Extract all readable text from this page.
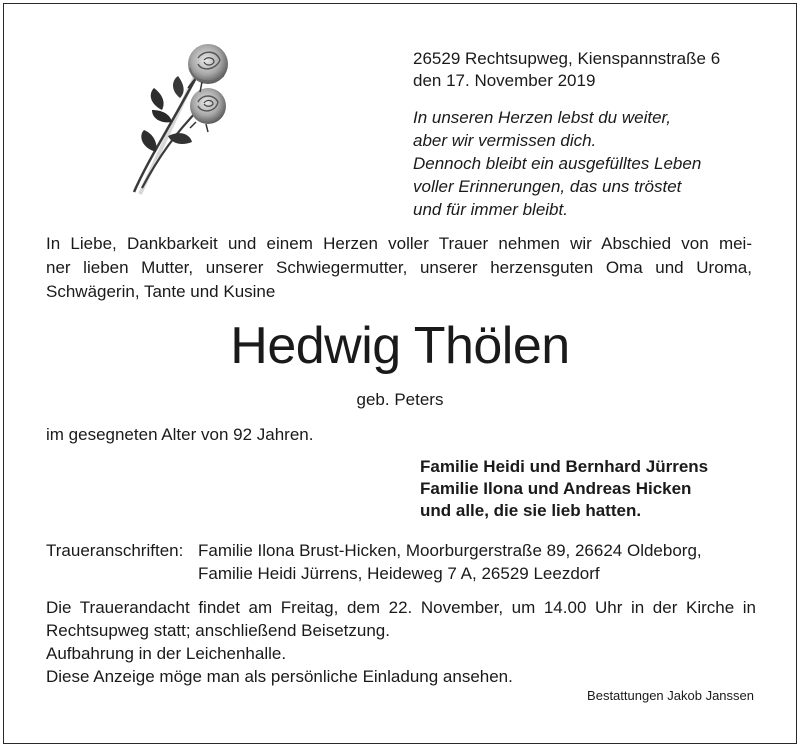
26529 Rechtsupweg, Kienspannstraße 6
den 17. November 2019
In unseren Herzen lebst du weiter,
aber wir vermissen dich.
Dennoch bleibt ein ausgefülltes Leben
voller Erinnerungen, das uns tröstet
und für immer bleibt.
In Liebe, Dankbarkeit und einem Herzen voller Trauer nehmen wir Abschied von mei-
ner lieben Mutter, unserer Schwiegermutter, unserer herzensguten Oma und Uroma,
Schwägerin, Tante und Kusine
Hedwig Thölen
geb. Peters
im gesegneten Alter von 92 Jahren.
Familie Heidi und Bernhard Jürrens
Familie Ilona und Andreas Hicken
und alle, die sie lieb hatten.
Traueranschriften: Familie Ilona Brust-Hicken, Moorburgerstraße 89, 26624 Oldeborg,
Familie Heidi Jürrens, Heideweg 7 A, 26529 Leezdorf
Die Trauerandacht findet am Freitag, dem 22. November, um 14.00 Uhr in der Kirche in
Rechtsupweg statt; anschließend Beisetzung.
Aufbahrung in der Leichenhalle.
Diese Anzeige möge man als persönliche Einladung ansehen.
Bestattungen Jakob Janssen
